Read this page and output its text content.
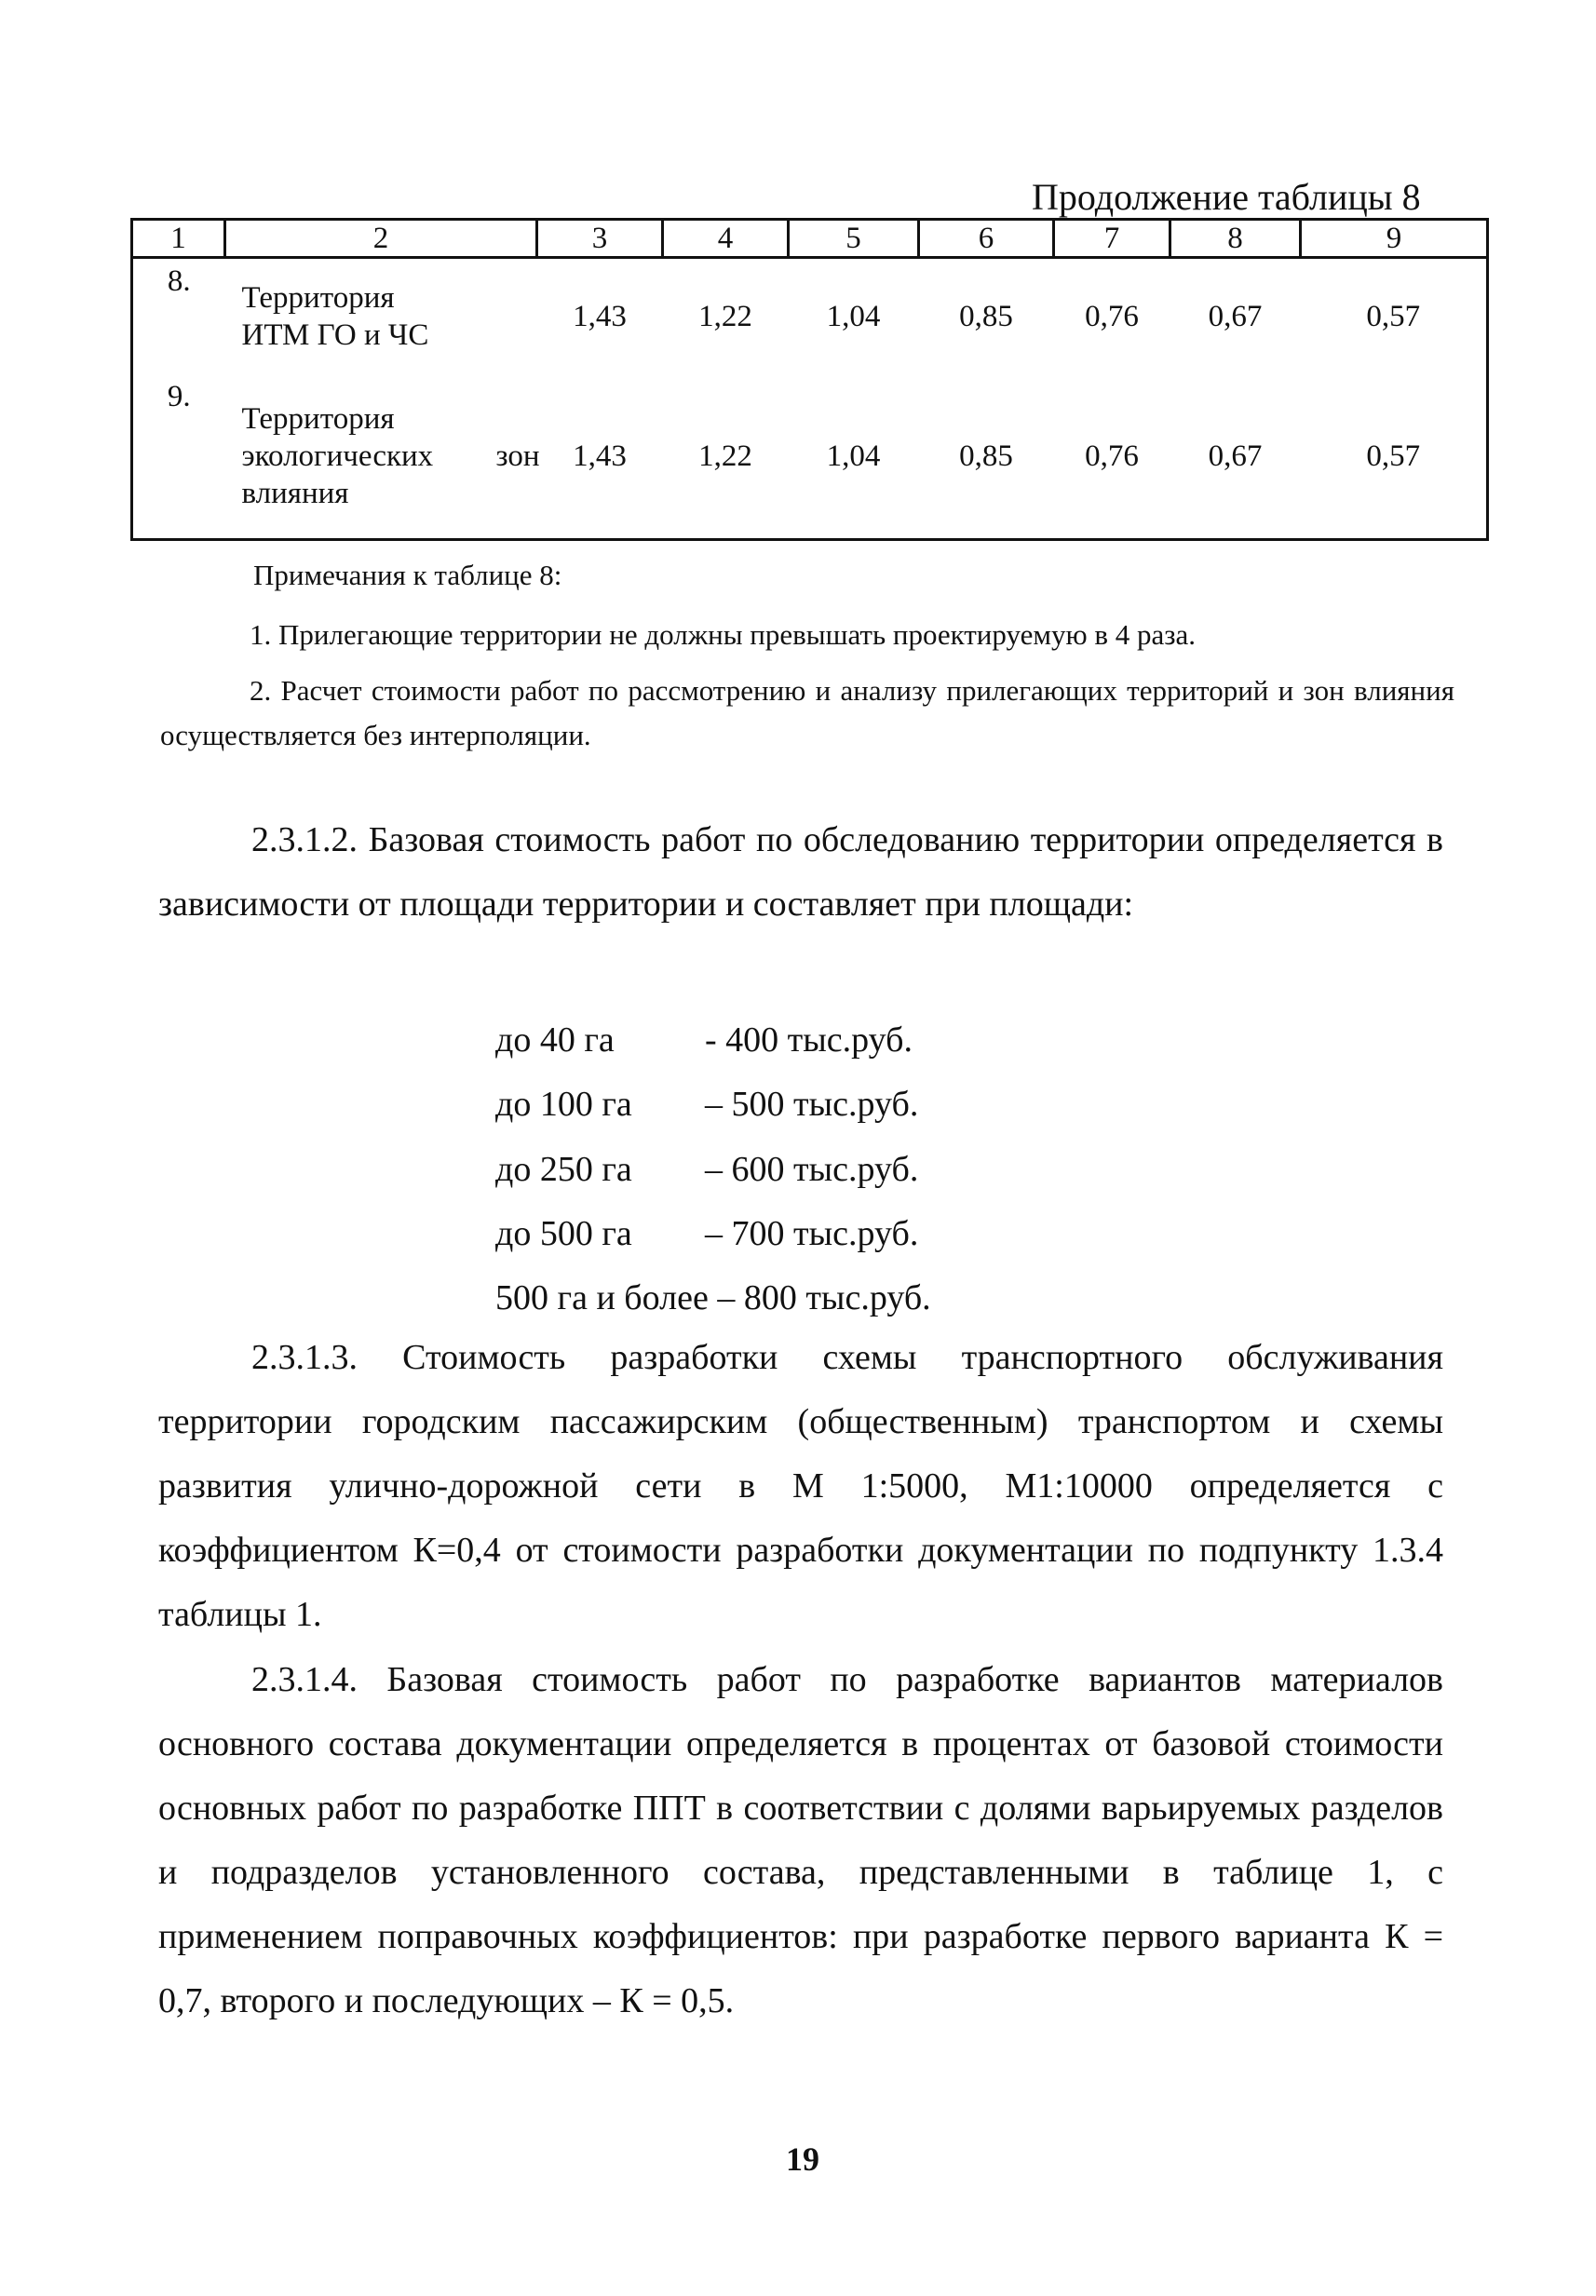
Продолжение таблицы 8
1	2	3	4	5	6	7	8	9
8.	Территория
ИТМ ГО и ЧС	1,43	1,22	1,04	0,85	0,76	0,67	0,57
9.	Территория
экологических зон
влияния	1,43	1,22	1,04	0,85	0,76	0,67	0,57
Примечания к таблице 8:
1. Прилегающие территории не должны превышать проектируемую в 4 раза.
2. Расчет стоимости работ по рассмотрению и анализу прилегающих территорий и зон влияния осуществляется без интерполяции.
2.3.1.2. Базовая стоимость работ по обследованию территории определяется в зависимости от площади территории и составляет при площади:
до 40 га	- 400 тыс.руб.
до 100 га	– 500 тыс.руб.
до 250 га	– 600 тыс.руб.
до 500 га	– 700 тыс.руб.
500 га и более – 800 тыс.руб.
2.3.1.3. Стоимость разработки схемы транспортного обслуживания территории городским пассажирским (общественным) транспортом и схемы развития улично-дорожной сети в М 1:5000, М1:10000 определяется с коэффициентом К=0,4 от стоимости разработки документации по подпункту 1.3.4 таблицы 1.
2.3.1.4. Базовая стоимость работ по разработке вариантов материалов основного состава документации определяется в процентах от базовой стоимости основных работ по разработке ППТ в соответствии с долями варьируемых разделов и подразделов установленного состава, представленными в таблице 1, с применением поправочных коэффициентов: при разработке первого варианта К = 0,7, второго и последующих – К = 0,5.
19
